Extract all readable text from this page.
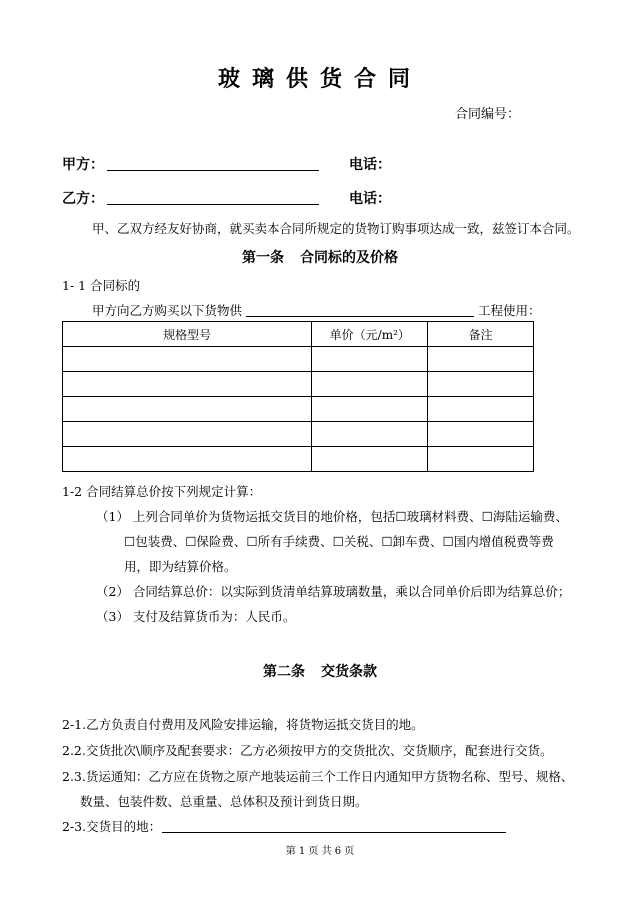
玻璃供货合同
合同编号：
甲方：	电话：
乙方：	电话：
甲、乙双方经友好协商，就买卖本合同所规定的货物订购事项达成一致，兹签订本合同。
第一条 合同标的及价格
1- 1 合同标的
甲方向乙方购买以下货物供	工程使用：
规格型号	单价（元/m²）	备注

1-2 合同结算总价按下列规定计算：
（1） 上列合同单价为货物运抵交货目的地价格，包括☐玻璃材料费、☐海陆运输费、
☐包装费、☐保险费、☐所有手续费、☐关税、☐卸车费、☐国内增值税费等费
用，即为结算价格。
（2） 合同结算总价：以实际到货清单结算玻璃数量，乘以合同单价后即为结算总价；
（3） 支付及结算货币为：人民币。
第二条 交货条款
2-1.乙方负责自付费用及风险安排运输，将货物运抵交货目的地。
2.2.交货批次\顺序及配套要求：乙方必须按甲方的交货批次、交货顺序，配套进行交货。
2.3.货运通知：乙方应在货物之原产地装运前三个工作日内通知甲方货物名称、型号、规格、
数量、包装件数、总重量、总体积及预计到货日期。
2-3.交货目的地：
第 1 页 共 6 页
